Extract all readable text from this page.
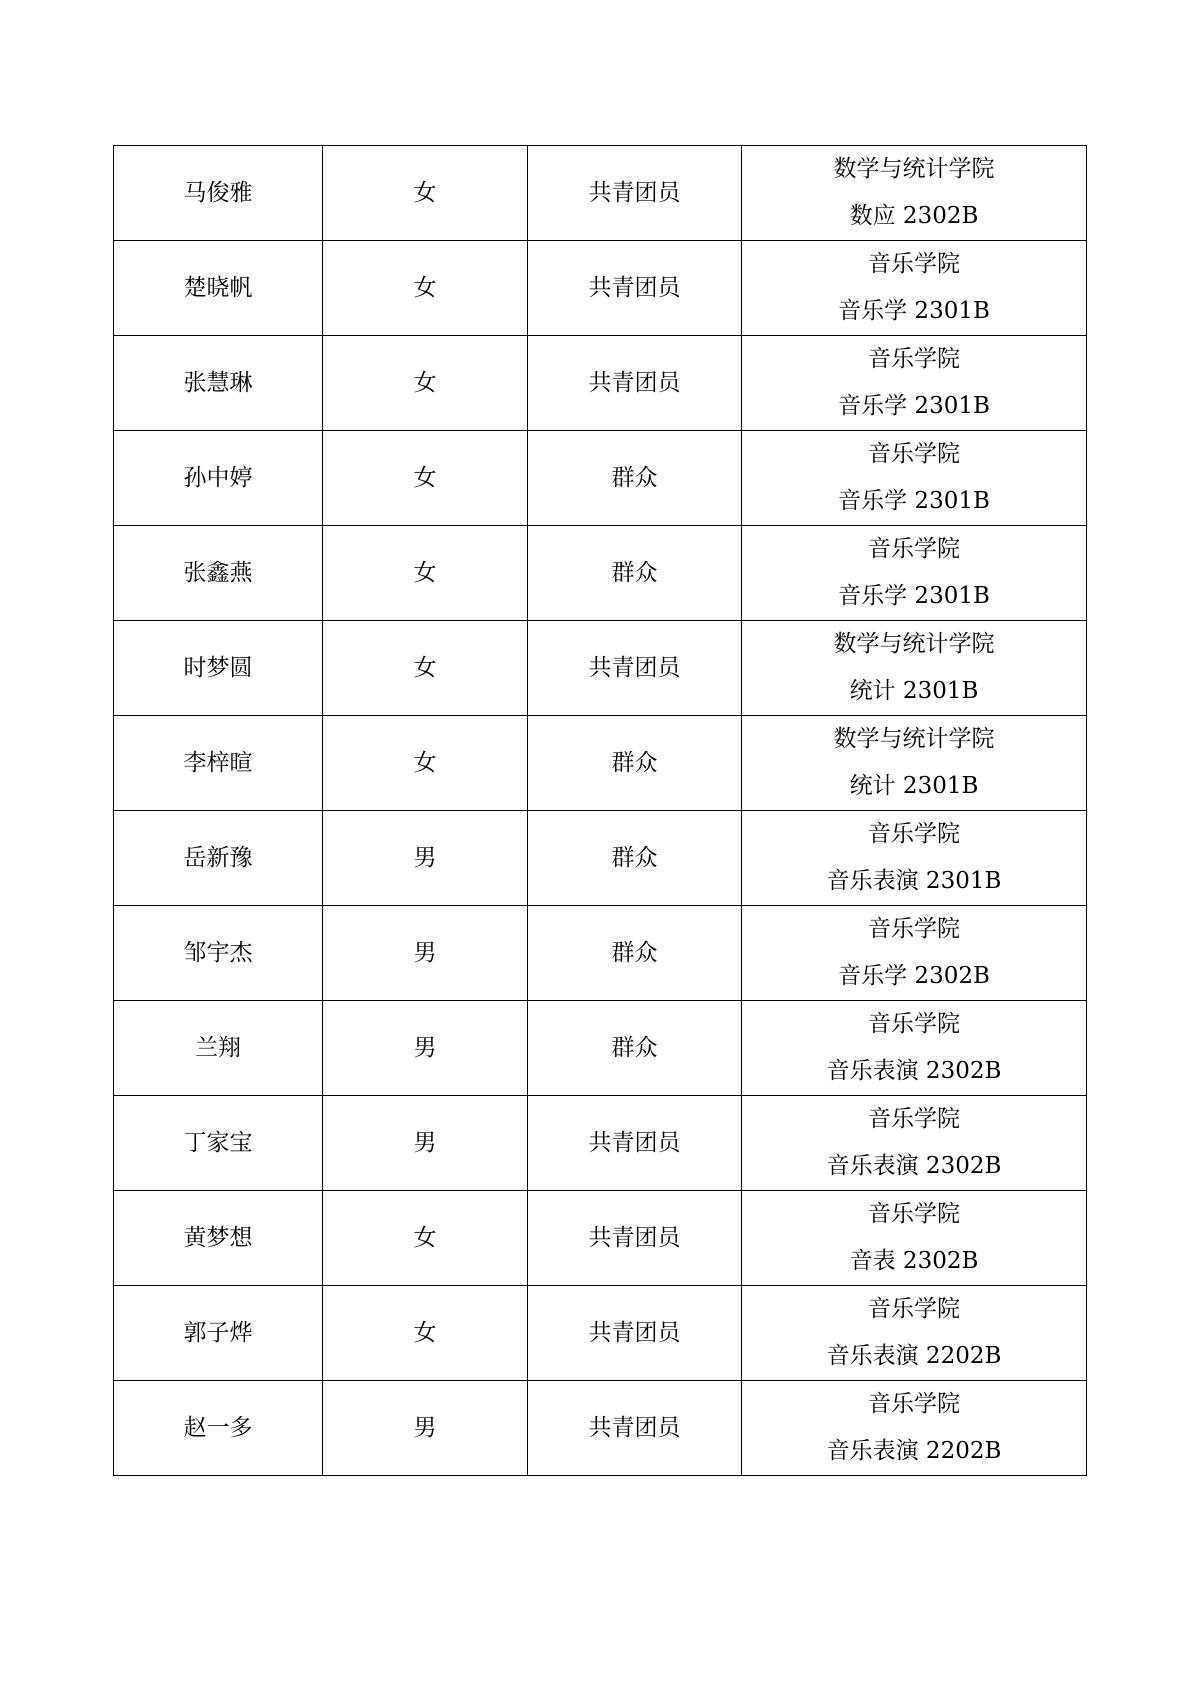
马俊雅	女	共青团员	数学与统计学院
数应 2302B

楚晓帆	女	共青团员	音乐学院
音乐学 2301B

张慧琳	女	共青团员	音乐学院
音乐学 2301B

孙中婷	女	群众	音乐学院
音乐学 2301B

张鑫燕	女	群众	音乐学院
音乐学 2301B

时梦圆	女	共青团员	数学与统计学院
统计 2301B

李梓暄	女	群众	数学与统计学院
统计 2301B

岳新豫	男	群众	音乐学院
音乐表演 2301B

邹宇杰	男	群众	音乐学院
音乐学 2302B

兰翔	男	群众	音乐学院
音乐表演 2302B

丁家宝	男	共青团员	音乐学院
音乐表演 2302B

黄梦想	女	共青团员	音乐学院
音表 2302B

郭子烨	女	共青团员	音乐学院
音乐表演 2202B

赵一多	男	共青团员	音乐学院
音乐表演 2202B
